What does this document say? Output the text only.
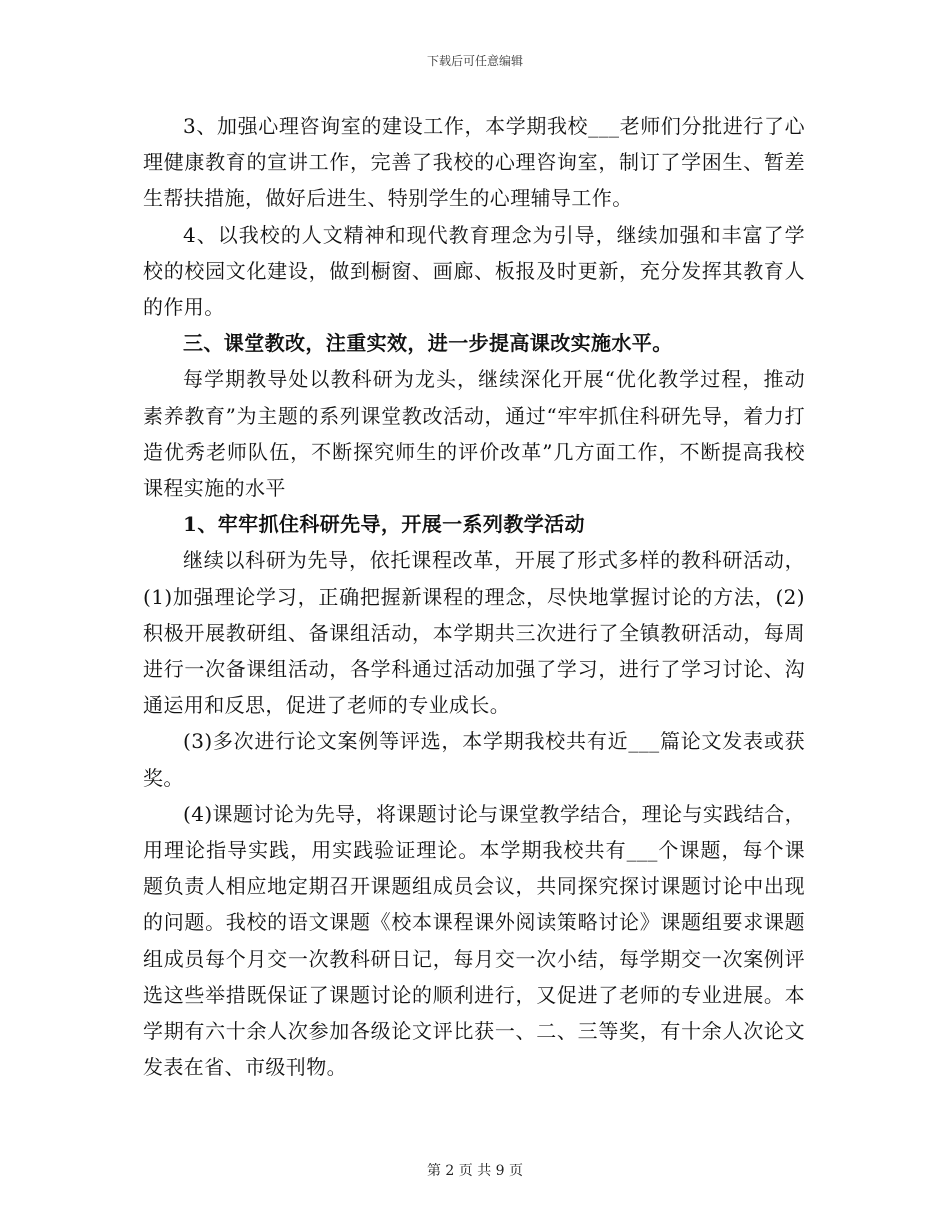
下载后可任意编辑

3、加强心理咨询室的建设工作，本学期我校___老师们分批进行了心理健康教育的宣讲工作，完善了我校的心理咨询室，制订了学困生、暂差生帮扶措施，做好后进生、特别学生的心理辅导工作。

4、以我校的人文精神和现代教育理念为引导，继续加强和丰富了学校的校园文化建设，做到橱窗、画廊、板报及时更新，充分发挥其教育人的作用。

三、课堂教改，注重实效，进一步提高课改实施水平。

每学期教导处以教科研为龙头，继续深化开展“优化教学过程，推动素养教育”为主题的系列课堂教改活动，通过“牢牢抓住科研先导，着力打造优秀老师队伍，不断探究师生的评价改革”几方面工作，不断提高我校课程实施的水平

1、牢牢抓住科研先导，开展一系列教学活动

继续以科研为先导，依托课程改革，开展了形式多样的教科研活动，(1)加强理论学习，正确把握新课程的理念，尽快地掌握讨论的方法，(2)积极开展教研组、备课组活动，本学期共三次进行了全镇教研活动，每周进行一次备课组活动，各学科通过活动加强了学习，进行了学习讨论、沟通运用和反思，促进了老师的专业成长。

(3)多次进行论文案例等评选，本学期我校共有近___篇论文发表或获奖。

(4)课题讨论为先导，将课题讨论与课堂教学结合，理论与实践结合，用理论指导实践，用实践验证理论。本学期我校共有___个课题，每个课题负责人相应地定期召开课题组成员会议，共同探究探讨课题讨论中出现的问题。我校的语文课题《校本课程课外阅读策略讨论》课题组要求课题组成员每个月交一次教科研日记，每月交一次小结，每学期交一次案例评选这些举措既保证了课题讨论的顺利进行，又促进了老师的专业进展。本学期有六十余人次参加各级论文评比获一、二、三等奖，有十余人次论文发表在省、市级刊物。

第 2 页 共 9 页
